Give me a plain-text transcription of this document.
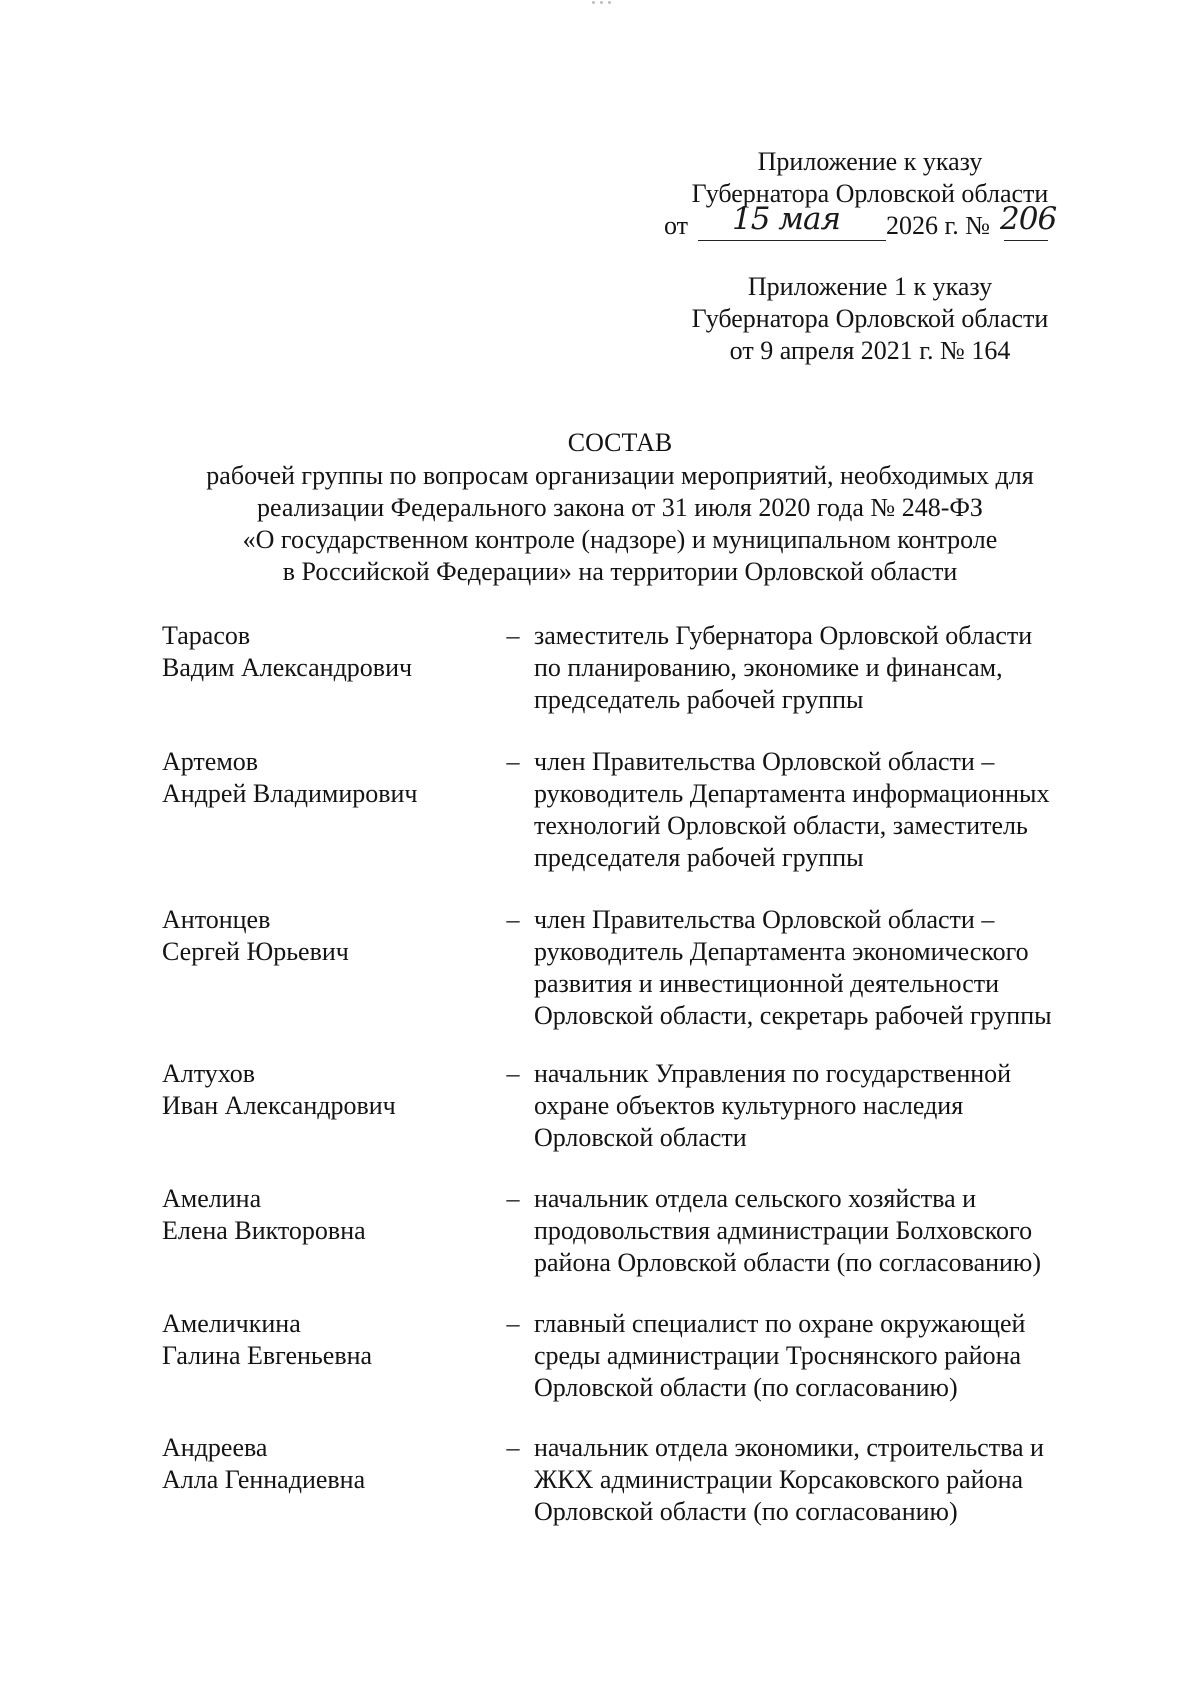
Приложение к указу

Губернатора Орловской области

от 15 мая 2026 г. № 206

Приложение 1 к указу

Губернатора Орловской области

от 9 апреля 2021 г. № 164

СОСТАВ

рабочей группы по вопросам организации мероприятий, необходимых для

реализации Федерального закона от 31 июля 2020 года № 248-ФЗ

«О государственном контроле (надзоре) и муниципальном контроле

в Российской Федерации» на территории Орловской области

Тарасов

Вадим Александрович

– заместитель Губернатора Орловской области

по планированию, экономике и финансам,

председатель рабочей группы

Артемов

Андрей Владимирович

– член Правительства Орловской области –

руководитель Департамента информационных

технологий Орловской области, заместитель

председателя рабочей группы

Антонцев

Сергей Юрьевич

– член Правительства Орловской области –

руководитель Департамента экономического

развития и инвестиционной деятельности

Орловской области, секретарь рабочей группы

Алтухов

Иван Александрович

– начальник Управления по государственной

охране объектов культурного наследия

Орловской области

Амелина

Елена Викторовна

– начальник отдела сельского хозяйства и

продовольствия администрации Болховского

района Орловской области (по согласованию)

Амеличкина

Галина Евгеньевна

– главный специалист по охране окружающей

среды администрации Троснянского района

Орловской области (по согласованию)

Андреева

Алла Геннадиевна

– начальник отдела экономики, строительства и

ЖКХ администрации Корсаковского района

Орловской области (по согласованию)
